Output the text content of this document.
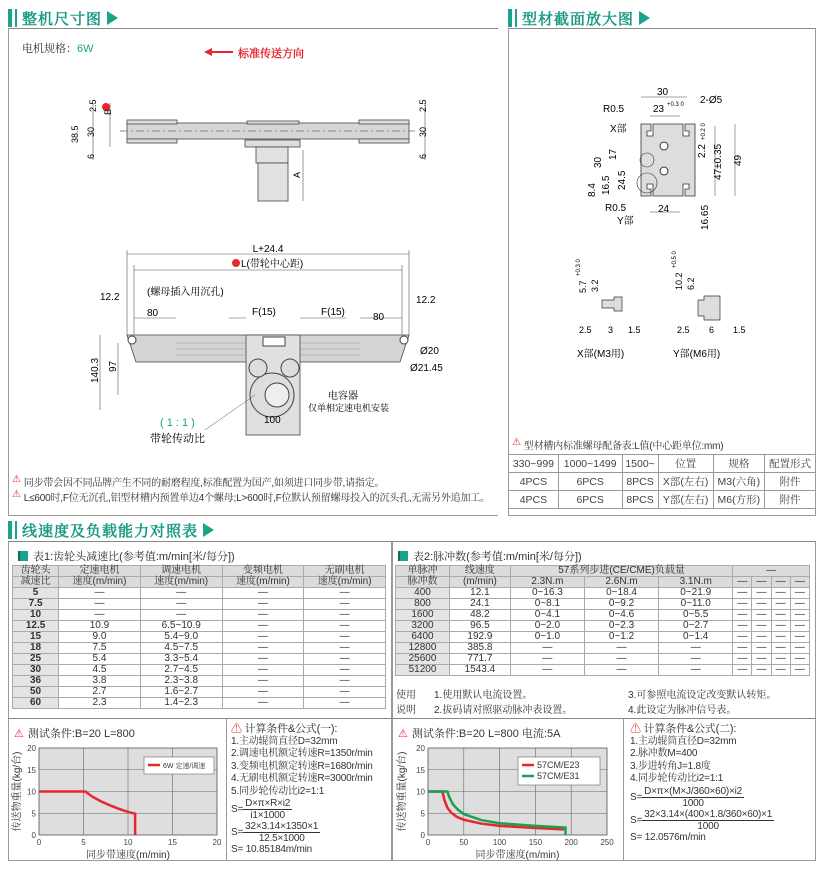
整机尺寸图	型材截面放大图
线速度及负载能力对照表
电机规格： 6W	标准传送方向
2.5 B
38.5 30
6
2.5
30
6
A
L+24.4
L(带轮中心距)
(螺母插入用沉孔)
12.2	12.2
80	80
F(15)	F(15)
140.3 97
Ø20
Ø21.45
100
电容器
仅单相定速电机安装
( 1 : 1 )
带轮传动比
⚠ 同步带会因不同品牌产生不同的耐磨程度,标准配置为国产,如须进口同步带,请指定。
⚠ L≤600时,F位无沉孔,铝型材槽内预置单边4个螺母;L>600时,F位默认预留螺母投入的沉头孔,无需另外追加工。
30
23 +0.3 0 2-Ø5
R0.5
X部
R0.5
Y部
30
17
16.5 24.5
8.4
24
2.2
+0.2 0
47±0.35 49
16.65
5.7
+0.3 0
3.2
2.5 3 1.5
X部(M3用)
10.2
+0.5 0
6.2
2.5 6 1.5
Y部(M6用)
⚠ 型材槽内标准螺母配备表:L值(中心距单位:mm)
330~999	1000~1499	1500~	位置	规格	配置形式
4PCS	6PCS	8PCS	X部(左右)	M3(六角)	附件
4PCS	6PCS	8PCS	Y部(左右)	M6(方形)	附件
表1:齿轮头减速比(参考值:m/min[米/每分])
齿轮头	定速电机	调速电机	变频电机	无刷电机
减速比	速度(m/min)	速度(m/min)	速度(m/min)	速度(m/min)
5	—	—	—	—
7.5	—	—	—	—
10	—	—	—	—
12.5	10.9	6.5~10.9	—	—
15	9.0	5.4~9.0	—	—
18	7.5	4.5~7.5	—	—
25	5.4	3.3~5.4	—	—
30	4.5	2.7~4.5	—	—
36	3.8	2.3~3.8	—	—
50	2.7	1.6~2.7	—	—
60	2.3	1.4~2.3	—	—
表2:脉冲数(参考值:m/min[米/每分])
单脉冲	线速度	57系列步进(CE/CME)负载量			—			
脉冲数	(m/min)	2.3N.m	2.6N.m	3.1N.m	—	—	—	—
400	12.1	0~16.3	0~18.4	0~21.9	—	—	—	—
800	24.1	0~8.1	0~9.2	0~11.0	—	—	—	—
1600	48.2	0~4.1	0~4.6	0~5.5	—	—	—	—
3200	96.5	0~2.0	0~2.3	0~2.7	—	—	—	—
6400	192.9	0~1.0	0~1.2	0~1.4	—	—	—	—
12800	385.8	—	—	—	—	—	—	—
25600	771.7	—	—	—	—	—	—	—
51200	1543.4	—	—	—	—	—	—	—
使用
说明
1.使用默认电流设置。
2.拔码请对照驱动脉冲表设置。
3.可参照电流设定改变默认转矩。
4.此设定为脉冲信号表。
⚠ 测试条件:B=20 L=800
0	5	10	15	20
0
5
10
15
20
同步带速度(m/min)
传送物重量(kg/台)	6W 定速/调速
⚠ 测试条件:B=20 L=800 电流:5A
0	50	100	150	200	250
0
5
10
15
20
同步带速度(m/min)
传送物重量(kg/台)	57CM/E23
57CM/E31
⚠ 计算条件&公式(一):
1.主动辊筒直径D=32mm
2.调速电机额定转速R=1350r/min
3.变频电机额定转速R=1680r/min
4.无刷电机额定转速R=3000r/min
5.同步轮传动比i2=1:1
$S= \frac{D\times\pi\times R\times i2}{i1\times 1000}$
$S= \frac{32\times 3.14\times 1350\times 1}{12.5\times 1000}$
S= 10.85184m/min
⚠ 计算条件&公式(二):
1.主动辊筒直径D=32mm
2.脉冲数M=400
3.步进转角J=1.8度
4.同步轮传动比i2=1:1
$S= \frac{D\times\pi\times(M\times J/360\times 60)\times i2}{1000}$
$S= \frac{32\times 3.14\times(400\times 1.8/360\times 60)\times 1}{1000}$
S= 12.0576m/min
